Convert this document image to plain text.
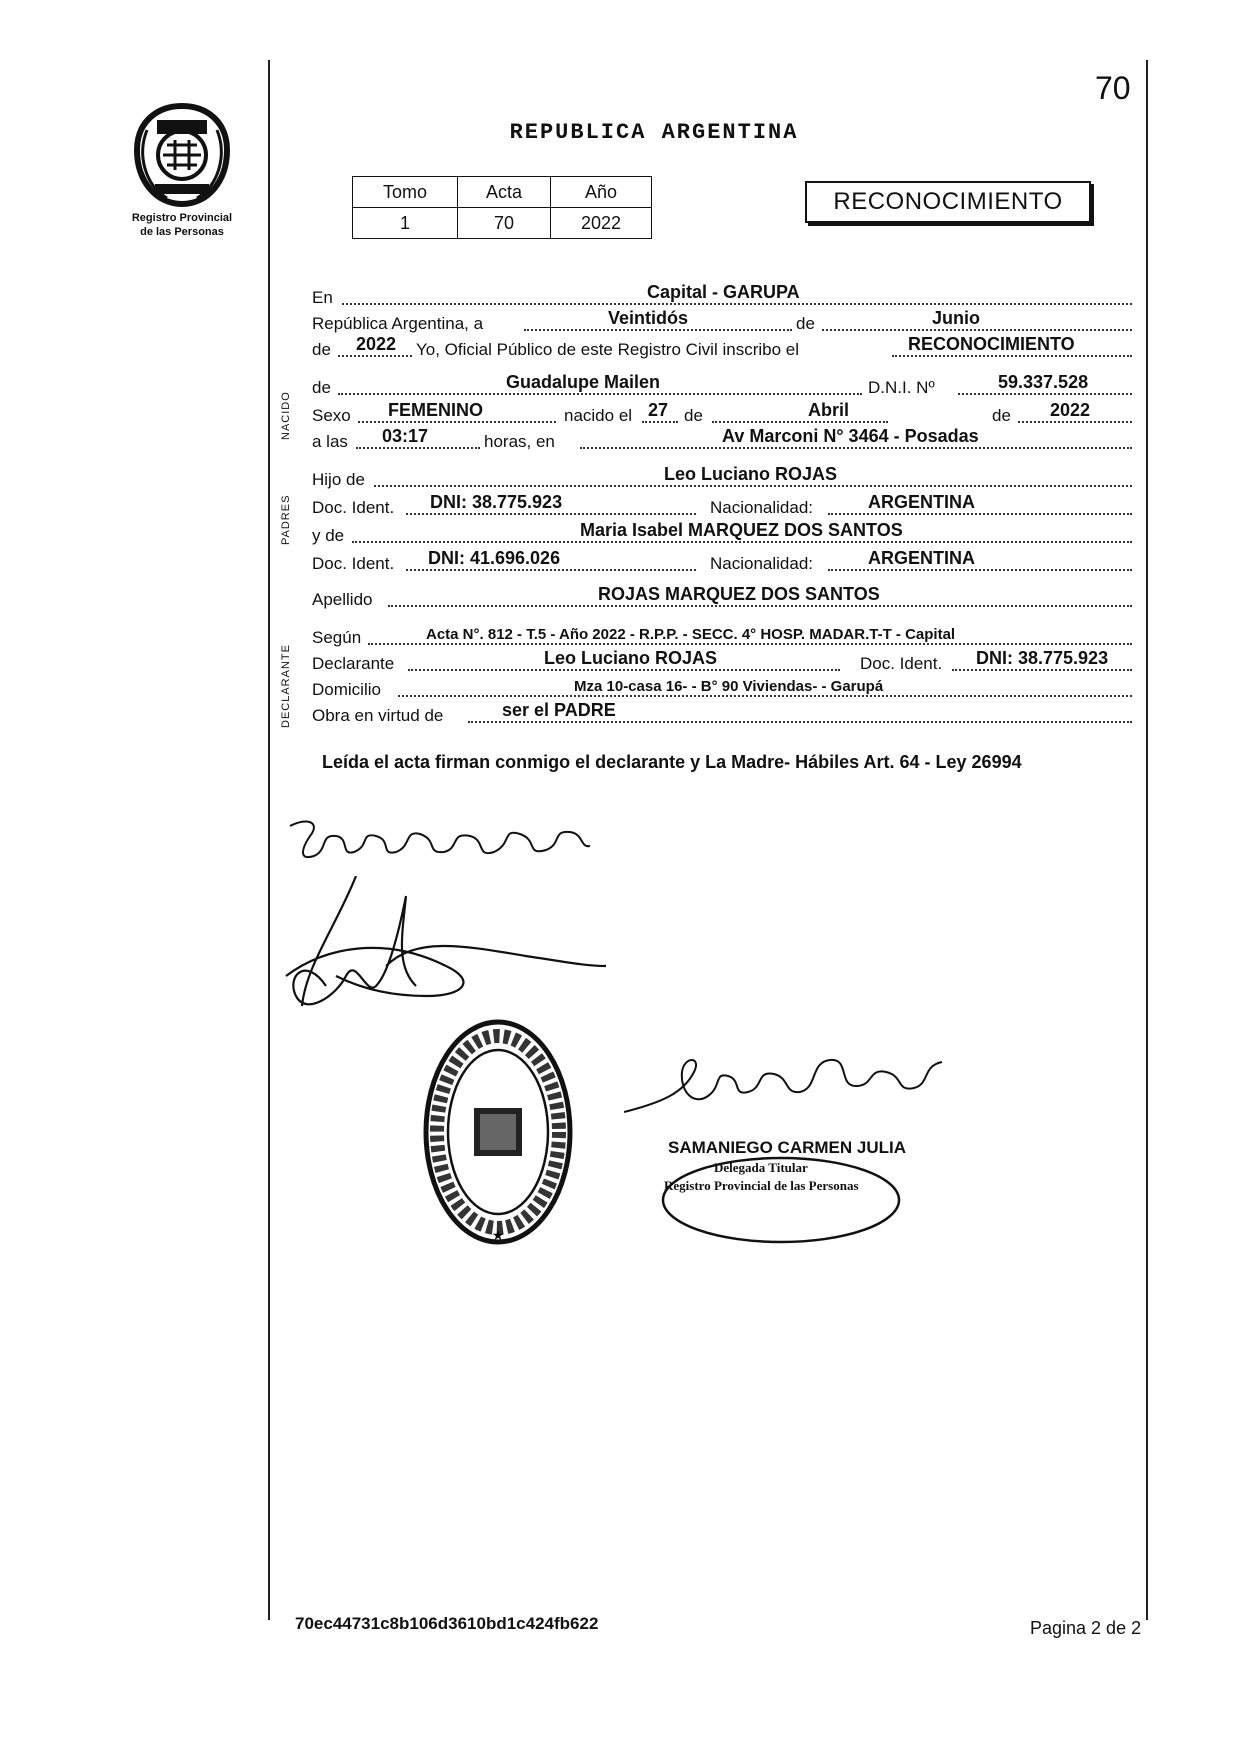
70
Registro Provincial
de las Personas
REPUBLICA ARGENTINA
Tomo	Acta	Año
1	70	2022
RECONOCIMIENTO
NACIDO
PADRES
DECLARANTE
En	Capital - GARUPA
República Argentina, a	Veintidós	de	Junio
de 2022 Yo, Oficial Público de este Registro Civil inscribo el	RECONOCIMIENTO
de	Guadalupe Mailen	D.N.I. Nº	59.337.528
Sexo FEMENINO	nacido el 27 de	Abril	de 2022
a las 03:17	horas, en	Av Marconi N° 3464 - Posadas
Hijo de	Leo Luciano ROJAS
Doc. Ident. DNI: 38.775.923	Nacionalidad:	ARGENTINA
y de	Maria Isabel MARQUEZ DOS SANTOS
Doc. Ident. DNI: 41.696.026	Nacionalidad:	ARGENTINA
Apellido	ROJAS MARQUEZ DOS SANTOS
Según	Acta N°. 812 - T.5 - Año 2022 - R.P.P. - SECC. 4° HOSP. MADAR.T-T - Capital
Declarante	Leo Luciano ROJAS	Doc. Ident. DNI: 38.775.923
Domicilio	Mza 10-casa 16- - B° 90 Viviendas- - Garupá
Obra en virtud de	ser el PADRE
Leída el acta firman conmigo el declarante y La Madre- Hábiles Art. 64 - Ley 26994
★
SAMANIEGO CARMEN JULIA
Delegada Titular
Registro Provincial de las Personas
70ec44731c8b106d3610bd1c424fb622	Pagina 2 de 2
